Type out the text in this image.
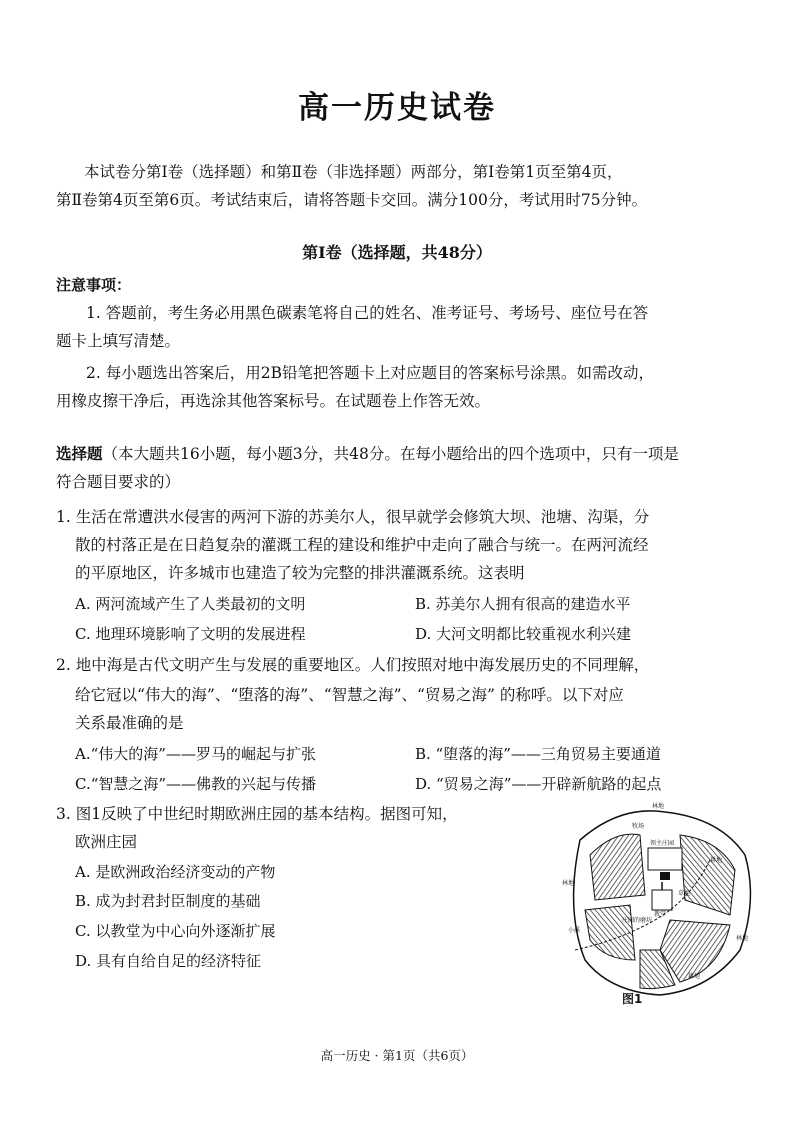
高一历史试卷
本试卷分第Ⅰ卷（选择题）和第Ⅱ卷（非选择题）两部分，第Ⅰ卷第1页至第4页，
第Ⅱ卷第4页至第6页。考试结束后，请将答题卡交回。满分100分，考试用时75分钟。
第Ⅰ卷（选择题，共48分）
注意事项：
1. 答题前，考生务必用黑色碳素笔将自己的姓名、准考证号、考场号、座位号在答
题卡上填写清楚。
2. 每小题选出答案后，用2B铅笔把答题卡上对应题目的答案标号涂黑。如需改动，
用橡皮擦干净后，再选涂其他答案标号。在试题卷上作答无效。
选择题（本大题共16小题，每小题3分，共48分。在每小题给出的四个选项中，只有一项是
符合题目要求的）
1. 生活在常遭洪水侵害的两河下游的苏美尔人，很早就学会修筑大坝、池塘、沟渠，分
散的村落正是在日趋复杂的灌溉工程的建设和维护中走向了融合与统一。在两河流经
的平原地区，许多城市也建造了较为完整的排洪灌溉系统。这表明
A. 两河流域产生了人类最初的文明	B. 苏美尔人拥有很高的建造水平
C. 地理环境影响了文明的发展进程	D. 大河文明都比较重视水利兴建
2. 地中海是古代文明产生与发展的重要地区。人们按照对地中海发展历史的不同理解，
给它冠以“伟大的海”、“堕落的海”、“智慧之海”、“贸易之海” 的称呼。以下对应
关系最准确的是
A.“伟大的海”——罗马的崛起与扩张	B. “堕落的海”——三角贸易主要通道
C.“智慧之海”——佛教的兴起与传播	D. “贸易之海”——开辟新航路的起点
3. 图1反映了中世纪时期欧洲庄园的基本结构。据图可知，
欧洲庄园
A. 是欧洲政治经济变动的产物
B. 成为封君封臣制度的基础
C. 以教堂为中心向外逐渐扩展
D. 具有自给自足的经济特征
林地
牧场
领主庄园
耕地
教堂
庄园的磨坊
草地
小溪
林地
耕地
林地
图1
高一历史 · 第1页（共6页）
